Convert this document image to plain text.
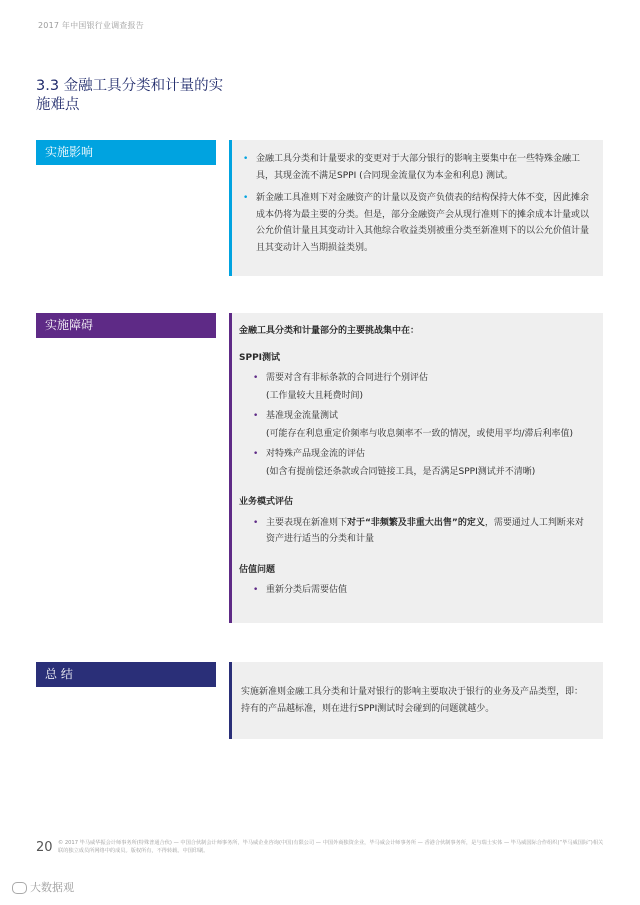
2017 年中国银行业调查报告
3.3 金融工具分类和计量的实
施难点
实施影响	• 金融工具分类和计量要求的变更对于大部分银行的影响主要集中在一些特殊金融工具，其现金流不满足SPPI (合同现金流量仅为本金和利息) 测试。
• 新金融工具准则下对金融资产的计量以及资产负债表的结构保持大体不变，因此摊余成本仍将为最主要的分类。但是，部分金融资产会从现行准则下的摊余成本计量或以公允价值计量且其变动计入其他综合收益类别被重分类至新准则下的以公允价值计量且其变动计入当期损益类别。
实施障碍	金融工具分类和计量部分的主要挑战集中在：
SPPI测试
• 需要对含有非标条款的合同进行个别评估
(工作量较大且耗费时间)
• 基准现金流量测试
(可能存在利息重定价频率与收息频率不一致的情况，或使用平均/滞后利率值)
• 对特殊产品现金流的评估
(如含有提前偿还条款或合同链接工具，是否满足SPPI测试并不清晰)
业务模式评估
• 主要表现在新准则下对于“非频繁及非重大出售”的定义，需要通过人工判断来对资产进行适当的分类和计量
估值问题
• 重新分类后需要估值
总 结

实施新准则金融工具分类和计量对银行的影响主要取决于银行的业务及产品类型，即：持有的产品越标准，则在进行SPPI测试时会碰到的问题就越少。

20 © 2017 毕马威华振会计师事务所(特殊普通合伙) — 中国合伙制会计师事务所，毕马威企业咨询(中国)有限公司 — 中国外商独资企业，毕马威会计师事务所 — 香港合伙制事务所，是与瑞士实体 — 毕马威国际合作组织(“毕马威国际”)相关联的独立成员所网络中的成员。版权所有，不得转载。中国印刷。
大数据观
